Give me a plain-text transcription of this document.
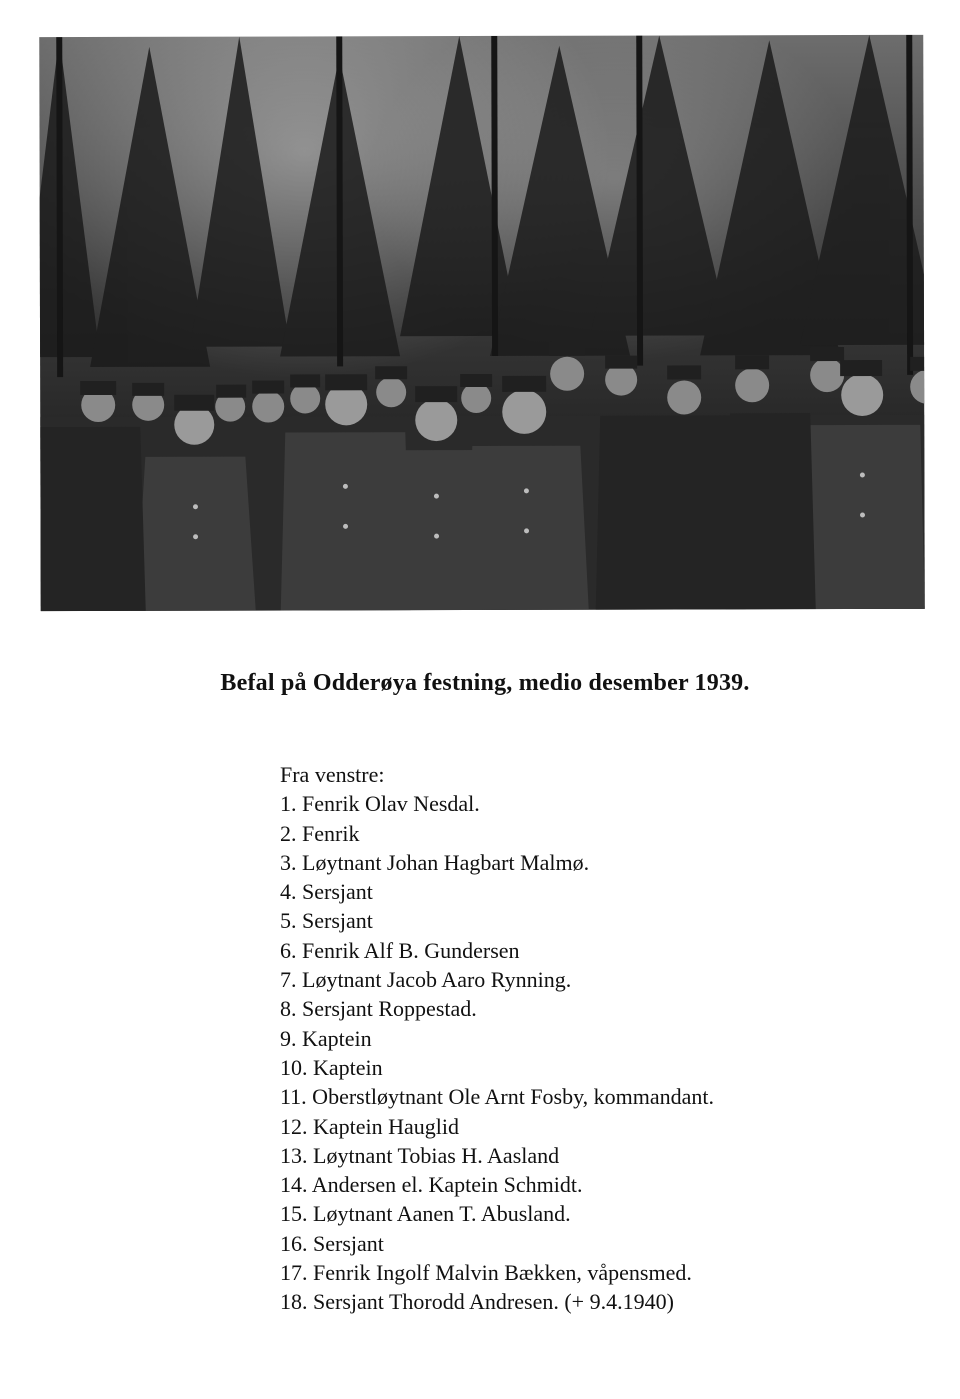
Befal på Odderøya festning, medio desember 1939.
Fra venstre:
1. Fenrik Olav Nesdal.
2. Fenrik
3. Løytnant Johan Hagbart Malmø.
4. Sersjant
5. Sersjant
6. Fenrik Alf B. Gundersen
7. Løytnant Jacob Aaro Rynning.
8. Sersjant Roppestad.
9. Kaptein
10. Kaptein
11. Oberstløytnant Ole Arnt Fosby, kommandant.
12. Kaptein Hauglid
13. Løytnant Tobias H. Aasland
14. Andersen el. Kaptein Schmidt.
15. Løytnant Aanen T. Abusland.
16. Sersjant
17. Fenrik Ingolf Malvin Bækken, våpensmed.
18. Sersjant Thorodd Andresen. (+ 9.4.1940)
